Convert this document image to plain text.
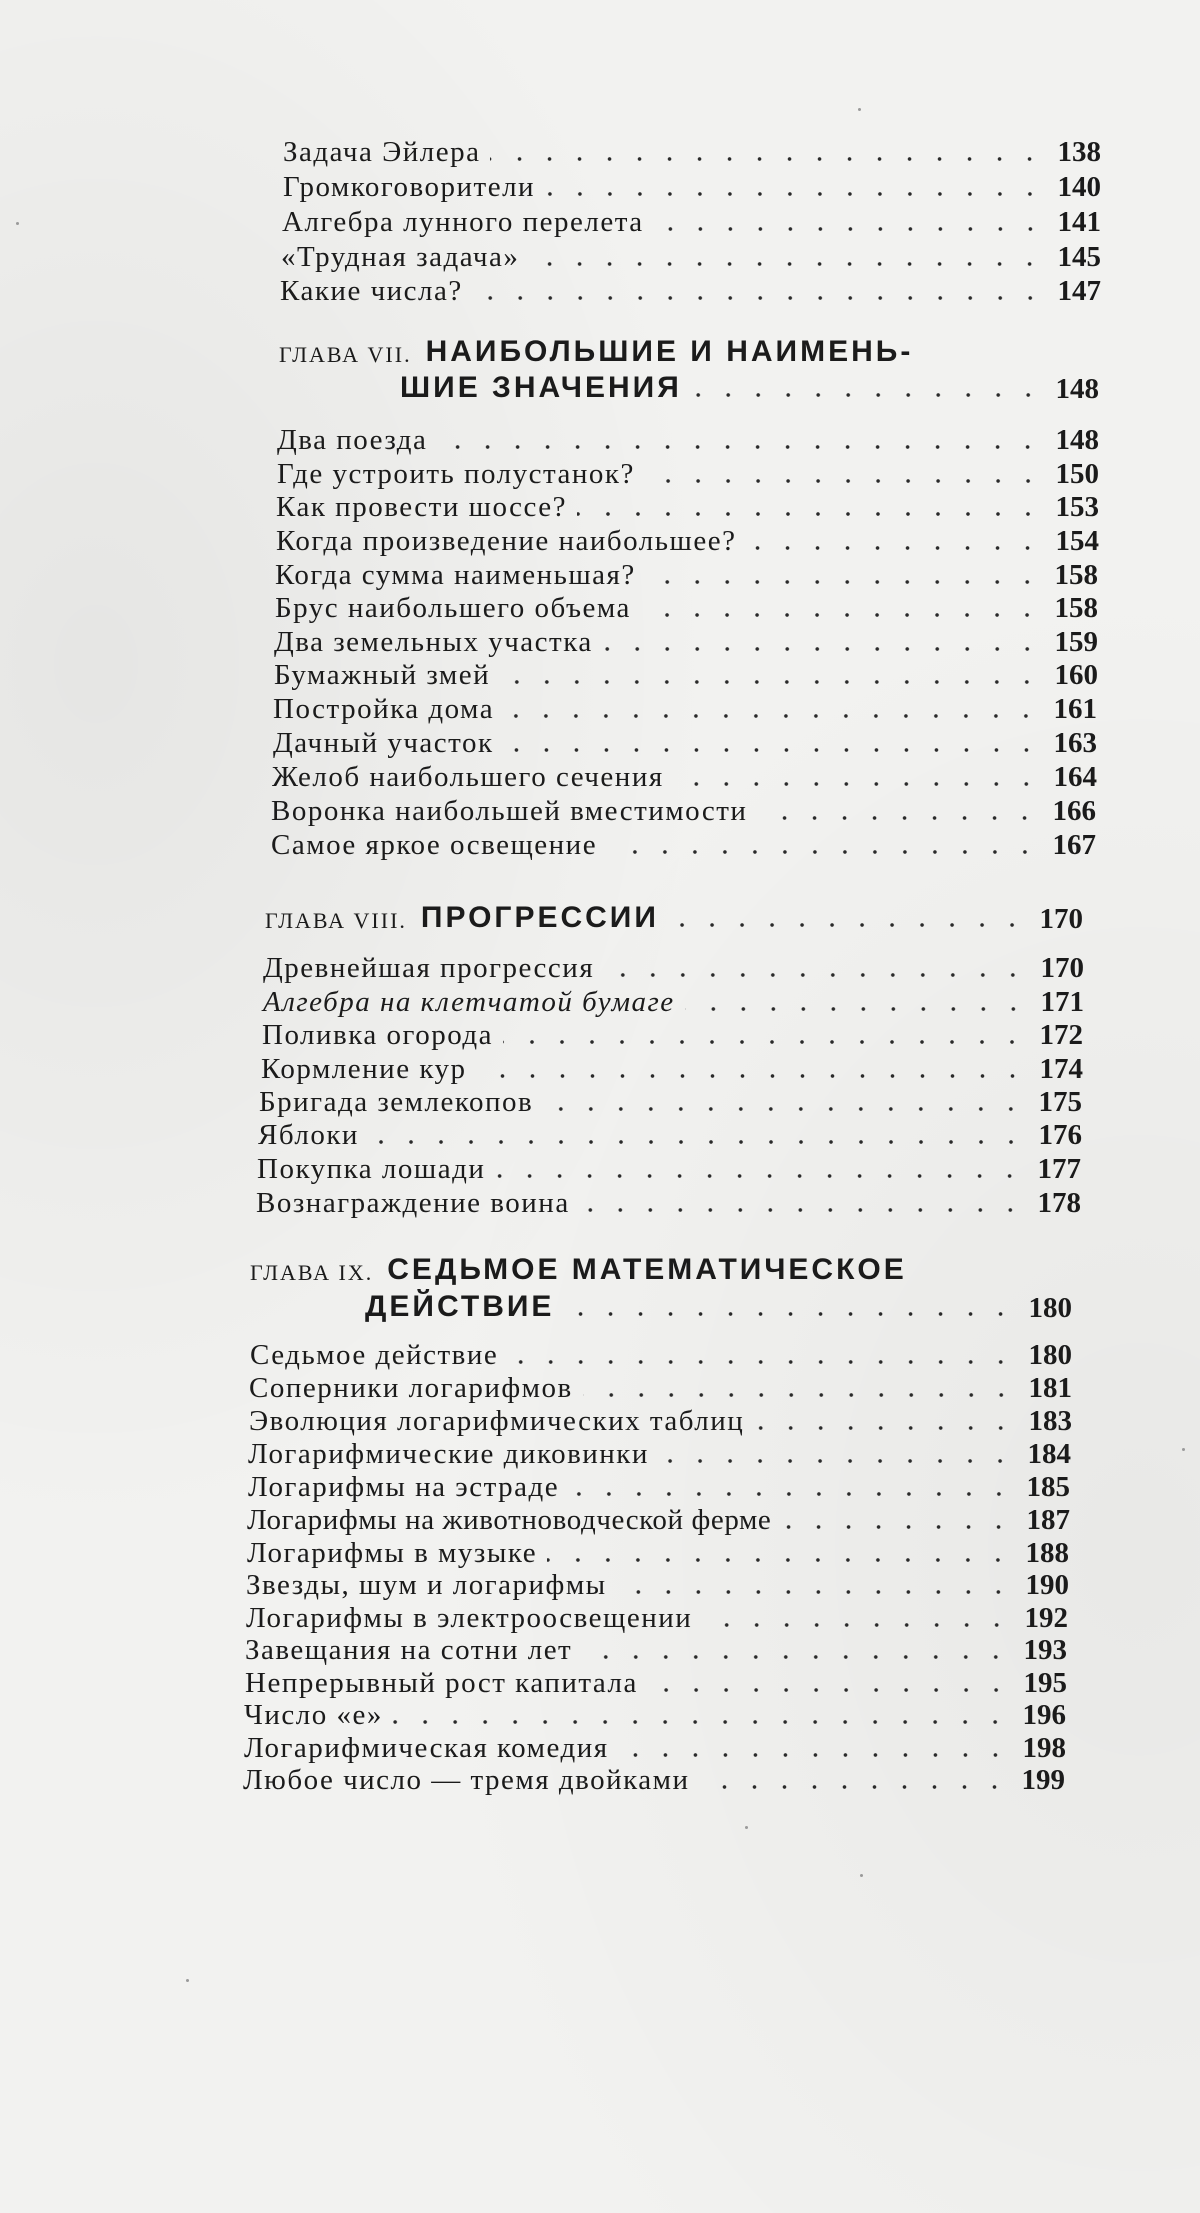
Задача Эйлера	138
Громкоговорители	140
Алгебра лунного перелета	141
«Трудная задача»	145
Какие числа?	147
ГЛАВА VII. НАИБОЛЬШИЕ И НАИМЕНЬ-
ШИЕ ЗНАЧЕНИЯ	148
Два поезда	148
Где устроить полустанок?	150
Как провести шоссе?	153
Когда произведение наибольшее?	154
Когда сумма наименьшая?	158
Брус наибольшего объема	158
Два земельных участка	159
Бумажный змей	160
Постройка дома	161
Дачный участок	163
Желоб наибольшего сечения	164
Воронка наибольшей вместимости	166
Самое яркое освещение	167
ГЛАВА VIII. ПРОГРЕССИИ	170
Древнейшая прогрессия	170
Алгебра на клетчатой бумаге	171
Поливка огорода	172
Кормление кур	174
Бригада землекопов	175
Яблоки	176
Покупка лошади	177
Вознаграждение воина	178
ГЛАВА IX. СЕДЬМОЕ МАТЕМАТИЧЕСКОЕ
ДЕЙСТВИЕ	180
Седьмое действие	180
Соперники логарифмов	181
Эволюция логарифмических таблиц	183
Логарифмические диковинки	184
Логарифмы на эстраде	185
Логарифмы на животноводческой ферме	187
Логарифмы в музыке	188
Звезды, шум и логарифмы	190
Логарифмы в электроосвещении	192
Завещания на сотни лет	193
Непрерывный рост капитала	195
Число «е»	196
Логарифмическая комедия	198
Любое число — тремя двойками	199
